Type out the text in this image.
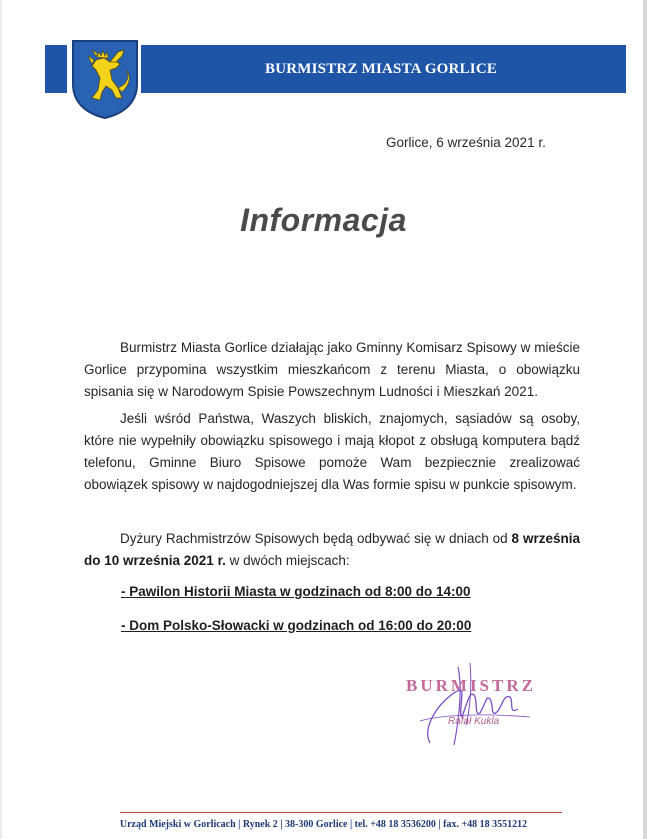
BURMISTRZ MIASTA GORLICE
Gorlice, 6 września 2021 r.
Informacja
Burmistrz Miasta Gorlice działając jako Gminny Komisarz Spisowy w mieście Gorlice przypomina wszystkim mieszkańcom z terenu Miasta, o obowiązku spisania się w Narodowym Spisie Powszechnym Ludności i Mieszkań 2021.
Jeśli wśród Państwa, Waszych bliskich, znajomych, sąsiadów są osoby, które nie wypełniły obowiązku spisowego i mają kłopot z obsługą komputera bądź telefonu, Gminne Biuro Spisowe pomoże Wam bezpiecznie zrealizować obowiązek spisowy w najdogodniejszej dla Was formie spisu w punkcie spisowym.
Dyżury Rachmistrzów Spisowych będą odbywać się w dniach od 8 września do 10 września 2021 r. w dwóch miejscach:
- Pawilon Historii Miasta w godzinach od 8:00 do 14:00
- Dom Polsko-Słowacki w godzinach od 16:00 do 20:00
BURMISTRZ
Rafał Kukla
Urząd Miejski w Gorlicach | Rynek 2 | 38-300 Gorlice | tel. +48 18 3536200 | fax. +48 18 3551212
